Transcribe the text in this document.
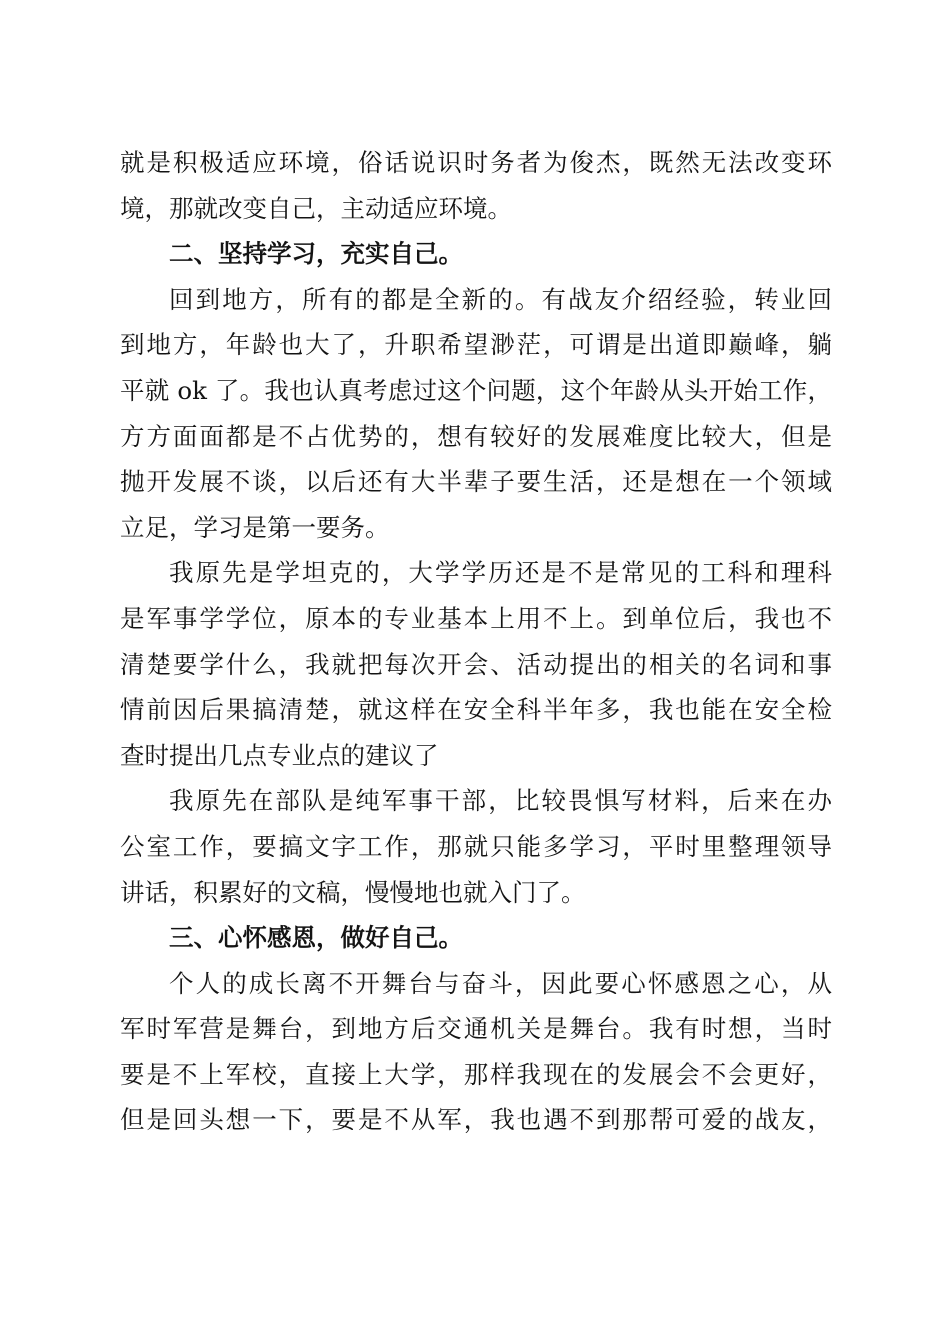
就是积极适应环境，俗话说识时务者为俊杰，既然无法改变环
境，那就改变自己，主动适应环境。
二、坚持学习，充实自己。
回到地方，所有的都是全新的。有战友介绍经验，转业回
到地方，年龄也大了，升职希望渺茫，可谓是出道即巅峰，躺
平就 ok 了。我也认真考虑过这个问题，这个年龄从头开始工作，
方方面面都是不占优势的，想有较好的发展难度比较大，但是
抛开发展不谈，以后还有大半辈子要生活，还是想在一个领域
立足，学习是第一要务。
我原先是学坦克的，大学学历还是不是常见的工科和理科
是军事学学位，原本的专业基本上用不上。到单位后，我也不
清楚要学什么，我就把每次开会、活动提出的相关的名词和事
情前因后果搞清楚，就这样在安全科半年多，我也能在安全检
查时提出几点专业点的建议了
我原先在部队是纯军事干部，比较畏惧写材料，后来在办
公室工作，要搞文字工作，那就只能多学习，平时里整理领导
讲话，积累好的文稿，慢慢地也就入门了。
三、心怀感恩，做好自己。
个人的成长离不开舞台与奋斗，因此要心怀感恩之心，从
军时军营是舞台，到地方后交通机关是舞台。我有时想，当时
要是不上军校，直接上大学，那样我现在的发展会不会更好，
但是回头想一下，要是不从军，我也遇不到那帮可爱的战友，
